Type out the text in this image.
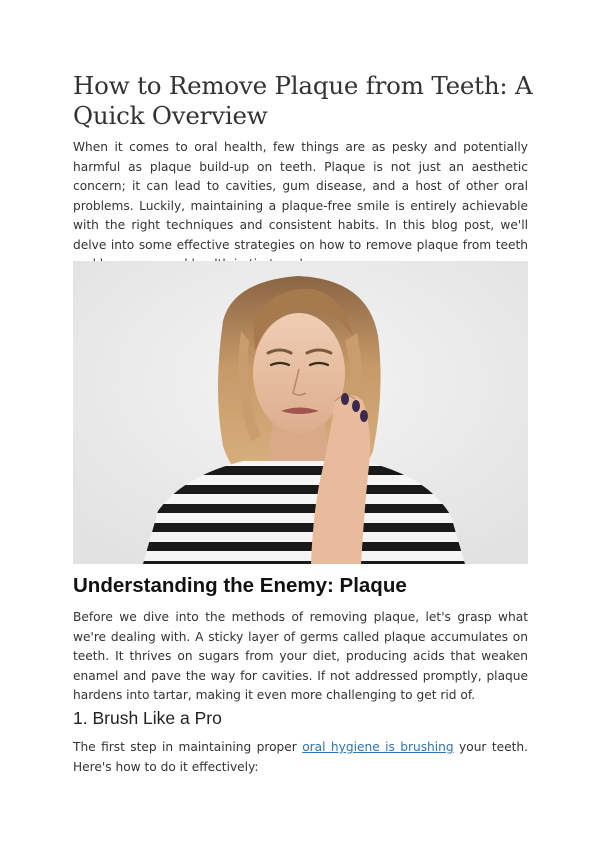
How to Remove Plaque from Teeth: A Quick Overview

When it comes to oral health, few things are as pesky and potentially harmful as plaque build-up on teeth. Plaque is not just an aesthetic concern; it can lead to cavities, gum disease, and a host of other oral problems. Luckily, maintaining a plaque-free smile is entirely achievable with the right techniques and consistent habits. In this blog post, we'll delve into some effective strategies on how to remove plaque from teeth

Understanding the Enemy: Plaque

Before we dive into the methods of removing plaque, let's grasp what we're dealing with. A sticky layer of germs called plaque accumulates on teeth. It thrives on sugars from your diet, producing acids that weaken enamel and pave the way for cavities. If not addressed promptly, plaque hardens into tartar, making it even more challenging to get rid of.

1. Brush Like a Pro

The first step in maintaining proper oral hygiene is brushing your teeth. Here's how to do it effectively:
